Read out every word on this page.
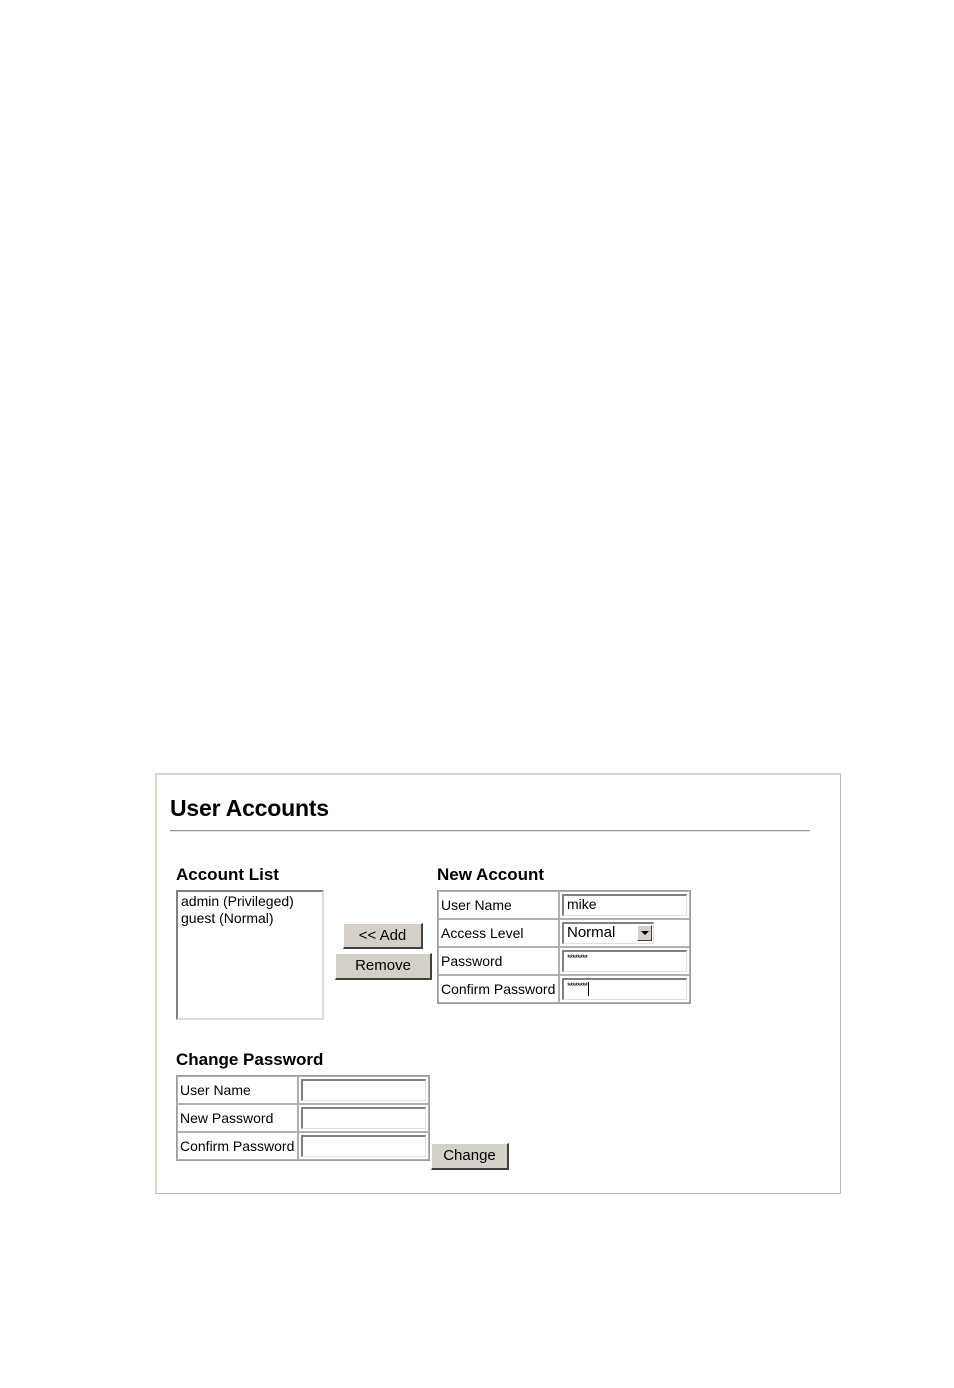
User Accounts
Account List
admin (Privileged)
guest (Normal)
<< Add
Remove
New Account
User Name	mike

Access Level	Normal

Password	********

Confirm Password	********
Change Password
User Name	

New Password	

Confirm Password	
Change
